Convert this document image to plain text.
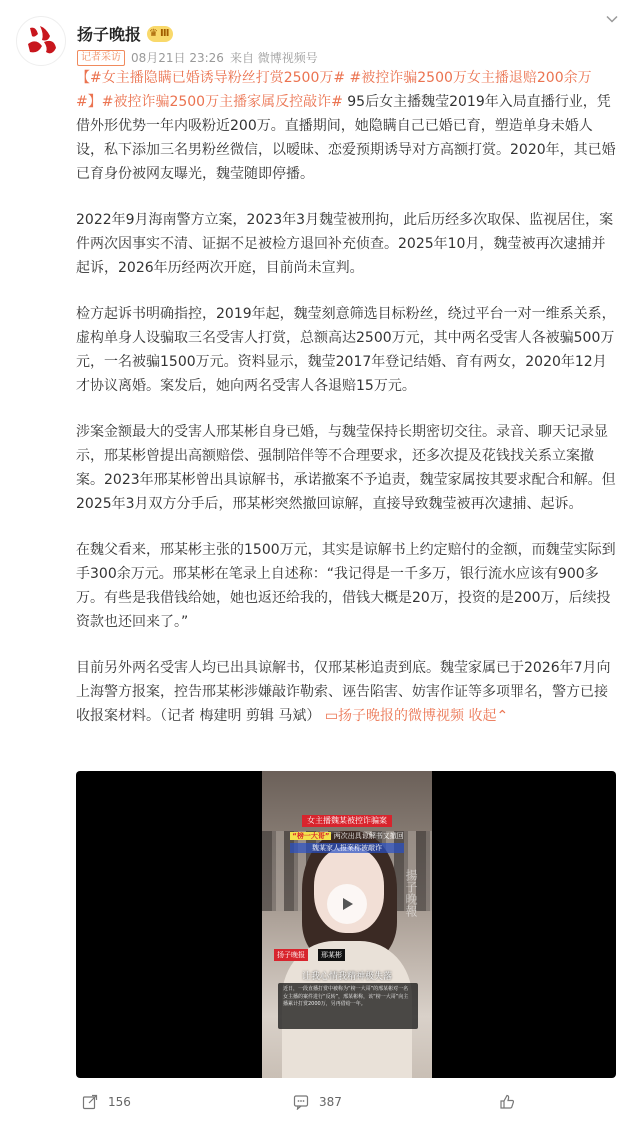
扬子晚报 ♛ Ⅲ
记者采访 08月21日 23:26 来自 微博视频号

【#女主播隐瞒已婚诱导粉丝打赏2500万# #被控诈骗2500万女主播退赔200余万#】#被控诈骗2500万主播家属反控敲诈# 95后女主播魏莹2019年入局直播行业，凭借外形优势一年内吸粉近200万。直播期间，她隐瞒自己已婚已育，塑造单身未婚人设，私下添加三名男粉丝微信，以暧昧、恋爱预期诱导对方高额打赏。2020年，其已婚已育身份被网友曝光，魏莹随即停播。

2022年9月海南警方立案，2023年3月魏莹被刑拘，此后历经多次取保、监视居住，案件两次因事实不清、证据不足被检方退回补充侦查。2025年10月，魏莹被再次逮捕并起诉，2026年历经两次开庭，目前尚未宣判。

检方起诉书明确指控，2019年起，魏莹刻意筛选目标粉丝，绕过平台一对一维系关系，虚构单身人设骗取三名受害人打赏，总额高达2500万元，其中两名受害人各被骗500万元，一名被骗1500万元。资料显示，魏莹2017年登记结婚、育有两女，2020年12月才协议离婚。案发后，她向两名受害人各退赔15万元。

涉案金额最大的受害人邢某彬自身已婚，与魏莹保持长期密切交往。录音、聊天记录显示，邢某彬曾提出高额赔偿、强制陪伴等不合理要求，还多次提及花钱找关系立案撤案。2023年邢某彬曾出具谅解书，承诺撤案不予追责，魏莹家属按其要求配合和解。但2025年3月双方分手后，邢某彬突然撤回谅解，直接导致魏莹被再次逮捕、起诉。

在魏父看来，邢某彬主张的1500万元，其实是谅解书上约定赔付的金额，而魏莹实际到手300余万元。邢某彬在笔录上自述称：“我记得是一千多万，银行流水应该有900多万。有些是我借钱给她，她也返还给我的，借钱大概是20万，投资的是200万，后续投资款也还回来了。”

目前另外两名受害人均已出具谅解书，仅邢某彬追责到底。魏莹家属已于2026年7月向上海警方报案，控告邢某彬涉嫌敲诈勒索、诬告陷害、妨害作证等多项罪名，警方已接收报案材料。（记者 梅建明 剪辑 马斌） ▭扬子晚报的微博视频 收起⌃

女主播魏某被控诈骗案
“榜一大哥” 两次出具谅解书又撤回
魏某家人报案称被敲诈
揚子晚報
扬子晚报	邢某彬
让我心情我精神极失落
近日，一段直播打赏中被称为“榜一大哥”的邢某彬对一名女主播的案件进行“反转”，邢某彬称，该“榜一大哥”向主播累计打赏2000万，另再借给一年。
156	387
